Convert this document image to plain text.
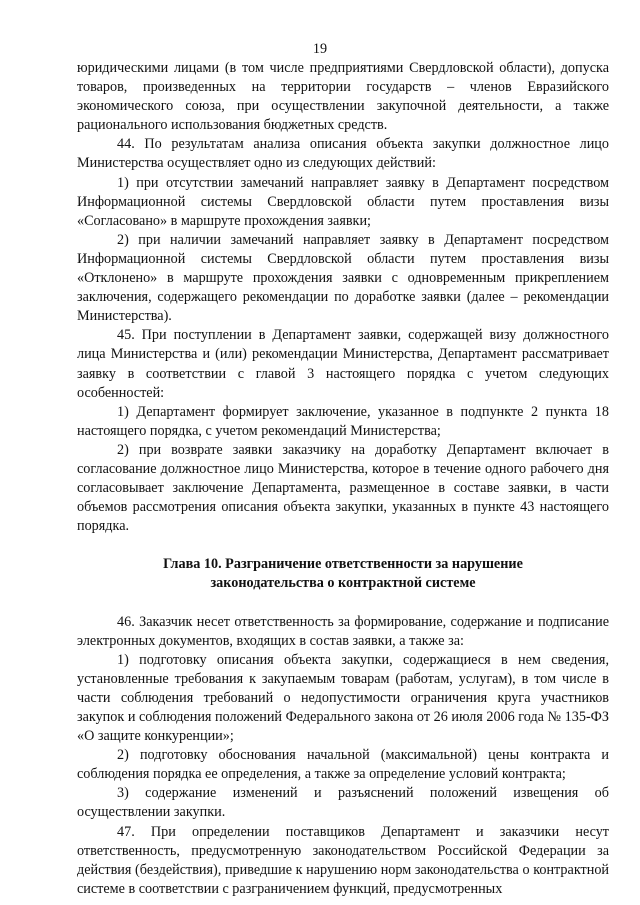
19

юридическими лицами (в том числе предприятиями Свердловской области), допуска товаров, произведенных на территории государств – членов Евразийского экономического союза, при осуществлении закупочной деятельности, а также рационального использования бюджетных средств.

44. По результатам анализа описания объекта закупки должностное лицо Министерства осуществляет одно из следующих действий:

1) при отсутствии замечаний направляет заявку в Департамент посредством Информационной системы Свердловской области путем проставления визы «Согласовано» в маршруте прохождения заявки;

2) при наличии замечаний направляет заявку в Департамент посредством Информационной системы Свердловской области путем проставления визы «Отклонено» в маршруте прохождения заявки с одновременным прикреплением заключения, содержащего рекомендации по доработке заявки (далее – рекомендации Министерства).

45. При поступлении в Департамент заявки, содержащей визу должностного лица Министерства и (или) рекомендации Министерства, Департамент рассматривает заявку в соответствии с главой 3 настоящего порядка с учетом следующих особенностей:

1) Департамент формирует заключение, указанное в подпункте 2 пункта 18 настоящего порядка, с учетом рекомендаций Министерства;

2) при возврате заявки заказчику на доработку Департамент включает в согласование должностное лицо Министерства, которое в течение одного рабочего дня согласовывает заключение Департамента, размещенное в составе заявки, в части объемов рассмотрения описания объекта закупки, указанных в пункте 43 настоящего порядка.

Глава 10. Разграничение ответственности за нарушение
законодательства о контрактной системе

46. Заказчик несет ответственность за формирование, содержание и подписание электронных документов, входящих в состав заявки, а также за:

1) подготовку описания объекта закупки, содержащиеся в нем сведения, установленные требования к закупаемым товарам (работам, услугам), в том числе в части соблюдения требований о недопустимости ограничения круга участников закупок и соблюдения положений Федерального закона от 26 июля 2006 года № 135-ФЗ «О защите конкуренции»;

2) подготовку обоснования начальной (максимальной) цены контракта и соблюдения порядка ее определения, а также за определение условий контракта;

3) содержание изменений и разъяснений положений извещения об осуществлении закупки.

47. При определении поставщиков Департамент и заказчики несут ответственность, предусмотренную законодательством Российской Федерации за действия (бездействия), приведшие к нарушению норм законодательства о контрактной системе в соответствии с разграничением функций, предусмотренных
